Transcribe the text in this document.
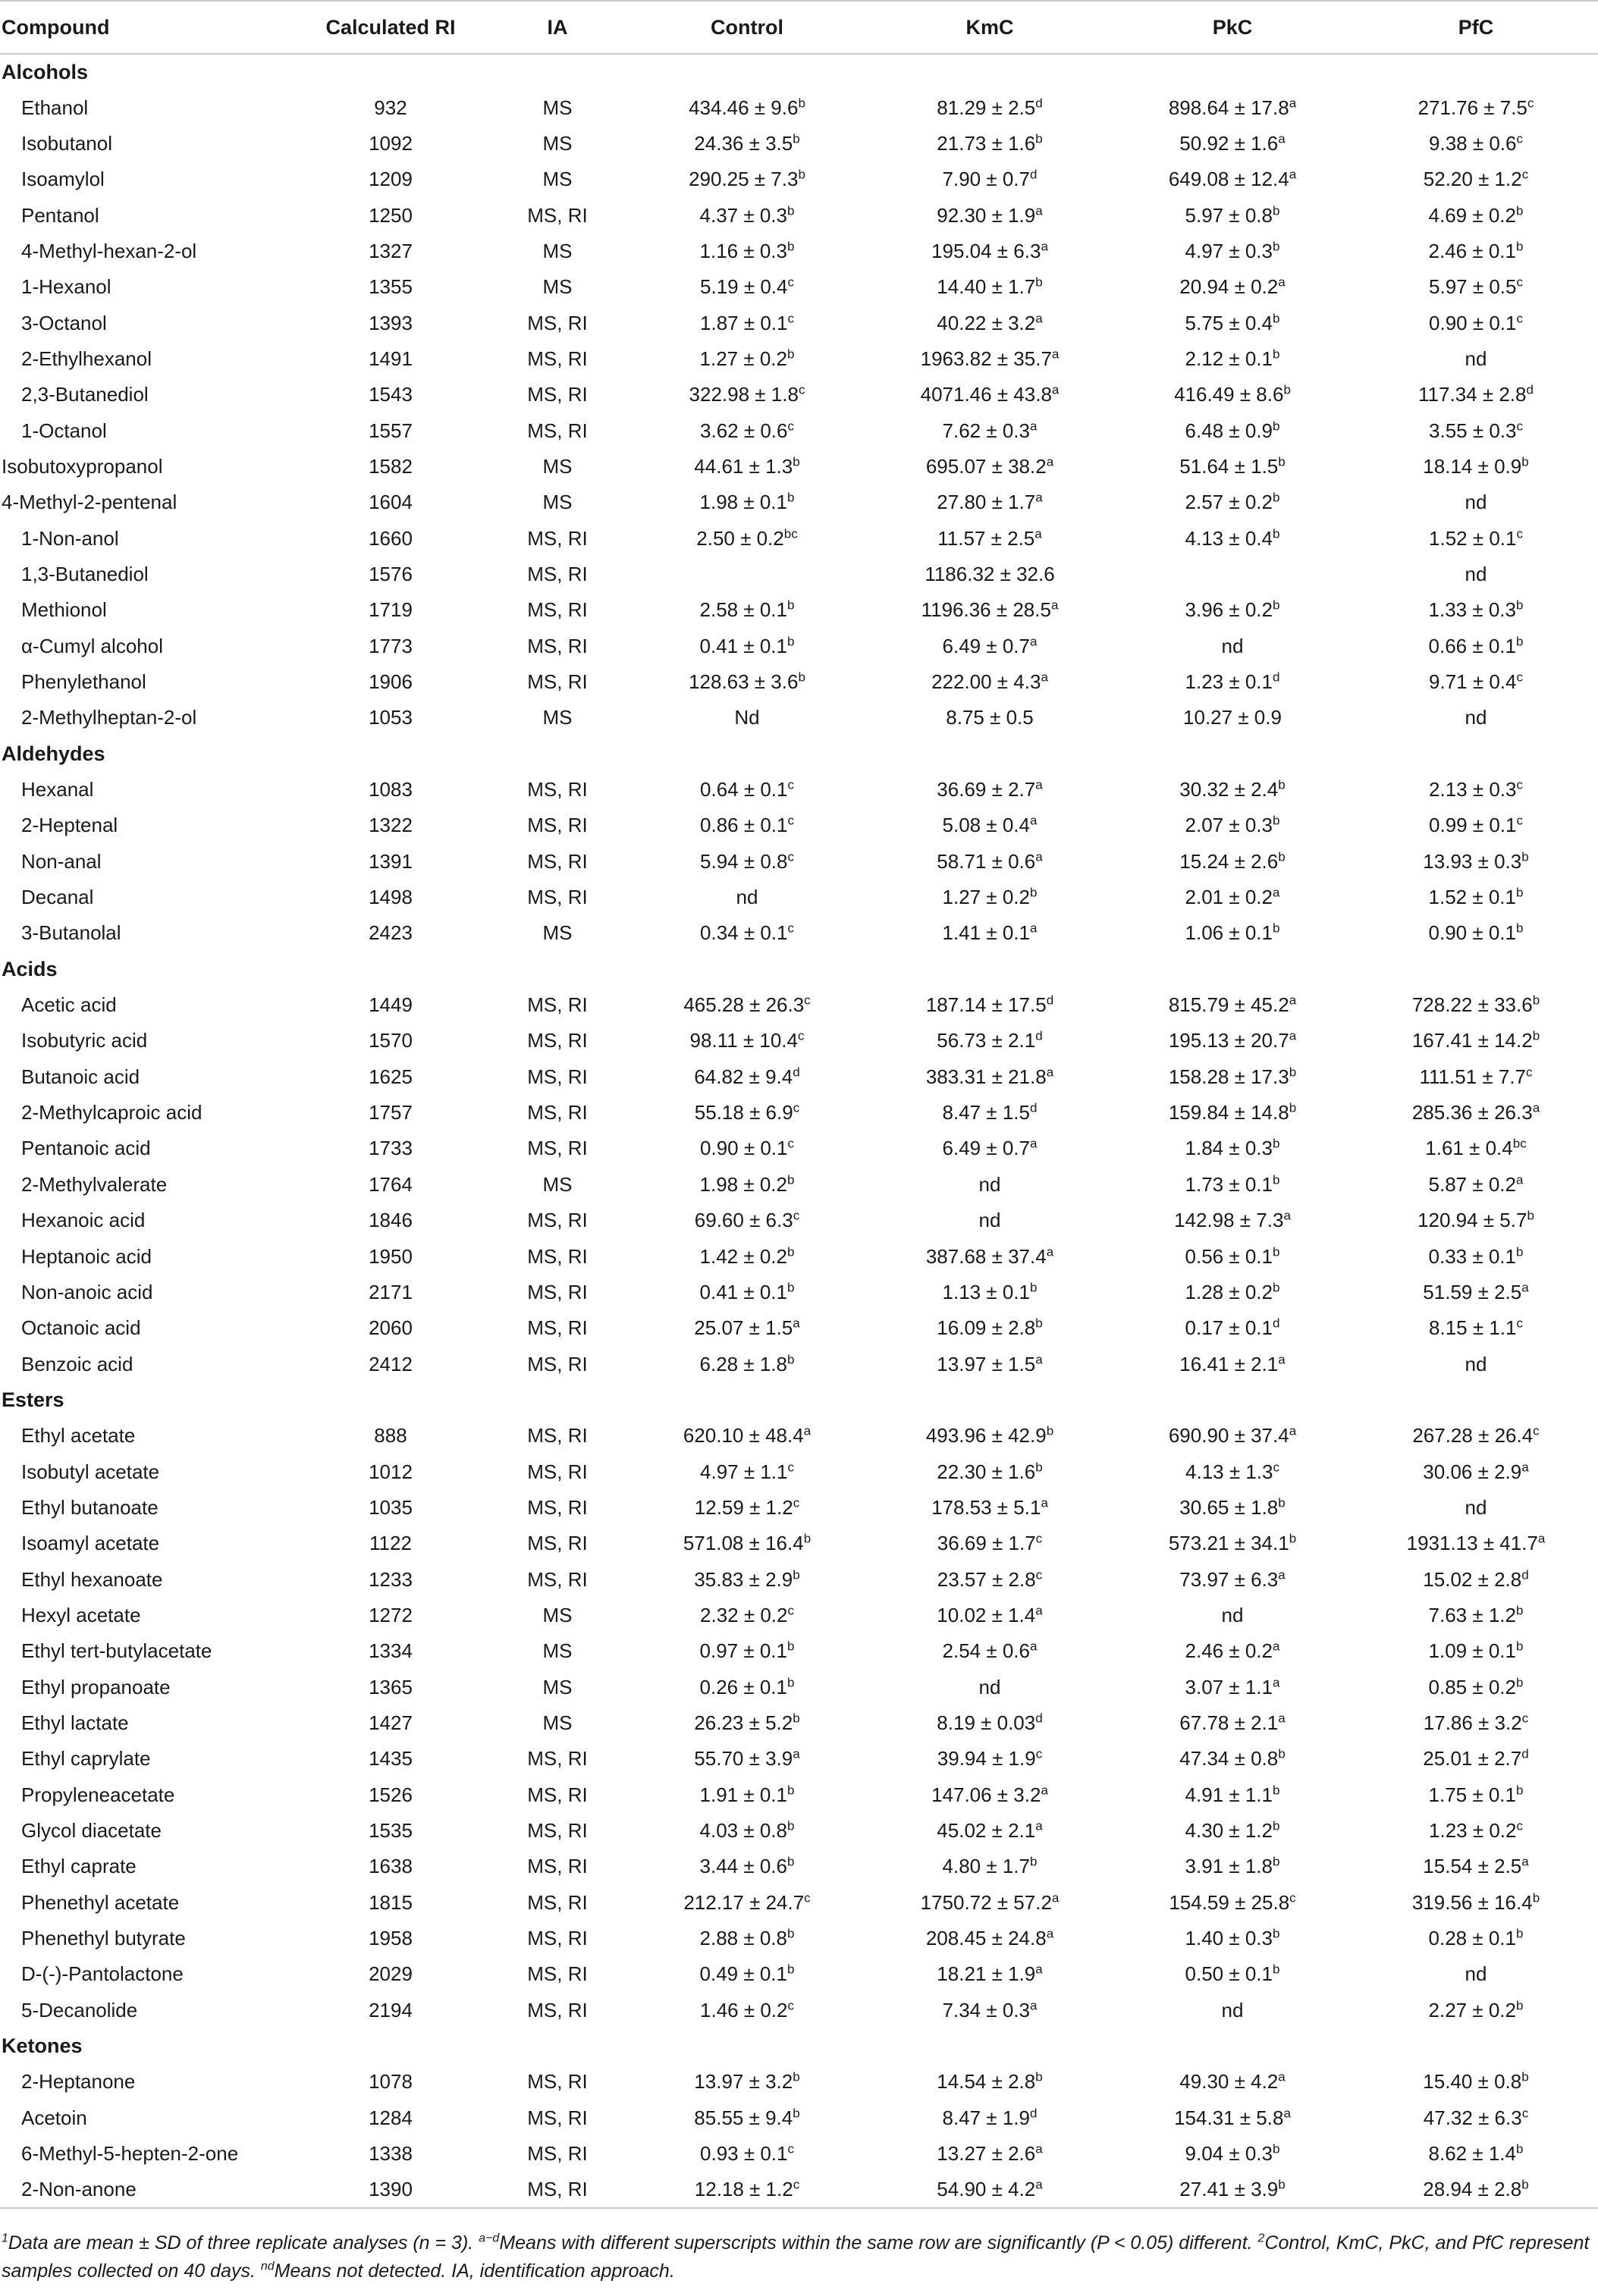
Compound	Calculated RI	IA	Control	KmC	PkC	PfC
Alcohols						
Ethanol	932	MS	434.46 ± 9.6$^b$	81.29 ± 2.5$^d$	898.64 ± 17.8$^a$	271.76 ± 7.5$^c$
Isobutanol	1092	MS	24.36 ± 3.5$^b$	21.73 ± 1.6$^b$	50.92 ± 1.6$^a$	9.38 ± 0.6$^c$
Isoamylol	1209	MS	290.25 ± 7.3$^b$	7.90 ± 0.7$^d$	649.08 ± 12.4$^a$	52.20 ± 1.2$^c$
Pentanol	1250	MS, RI	4.37 ± 0.3$^b$	92.30 ± 1.9$^a$	5.97 ± 0.8$^b$	4.69 ± 0.2$^b$
4-Methyl-hexan-2-ol	1327	MS	1.16 ± 0.3$^b$	195.04 ± 6.3$^a$	4.97 ± 0.3$^b$	2.46 ± 0.1$^b$
1-Hexanol	1355	MS	5.19 ± 0.4$^c$	14.40 ± 1.7$^b$	20.94 ± 0.2$^a$	5.97 ± 0.5$^c$
3-Octanol	1393	MS, RI	1.87 ± 0.1$^c$	40.22 ± 3.2$^a$	5.75 ± 0.4$^b$	0.90 ± 0.1$^c$
2-Ethylhexanol	1491	MS, RI	1.27 ± 0.2$^b$	1963.82 ± 35.7$^a$	2.12 ± 0.1$^b$	nd
2,3-Butanediol	1543	MS, RI	322.98 ± 1.8$^c$	4071.46 ± 43.8$^a$	416.49 ± 8.6$^b$	117.34 ± 2.8$^d$
1-Octanol	1557	MS, RI	3.62 ± 0.6$^c$	7.62 ± 0.3$^a$	6.48 ± 0.9$^b$	3.55 ± 0.3$^c$
Isobutoxypropanol	1582	MS	44.61 ± 1.3$^b$	695.07 ± 38.2$^a$	51.64 ± 1.5$^b$	18.14 ± 0.9$^b$
4-Methyl-2-pentenal	1604	MS	1.98 ± 0.1$^b$	27.80 ± 1.7$^a$	2.57 ± 0.2$^b$	nd
1-Non-anol	1660	MS, RI	2.50 ± 0.2$^{bc}$	11.57 ± 2.5$^a$	4.13 ± 0.4$^b$	1.52 ± 0.1$^c$
1,3-Butanediol	1576	MS, RI		1186.32 ± 32.6		nd
Methionol	1719	MS, RI	2.58 ± 0.1$^b$	1196.36 ± 28.5$^a$	3.96 ± 0.2$^b$	1.33 ± 0.3$^b$
α-Cumyl alcohol	1773	MS, RI	0.41 ± 0.1$^b$	6.49 ± 0.7$^a$	nd	0.66 ± 0.1$^b$
Phenylethanol	1906	MS, RI	128.63 ± 3.6$^b$	222.00 ± 4.3$^a$	1.23 ± 0.1$^d$	9.71 ± 0.4$^c$
2-Methylheptan-2-ol	1053	MS	Nd	8.75 ± 0.5	10.27 ± 0.9	nd
Aldehydes						
Hexanal	1083	MS, RI	0.64 ± 0.1$^c$	36.69 ± 2.7$^a$	30.32 ± 2.4$^b$	2.13 ± 0.3$^c$
2-Heptenal	1322	MS, RI	0.86 ± 0.1$^c$	5.08 ± 0.4$^a$	2.07 ± 0.3$^b$	0.99 ± 0.1$^c$
Non-anal	1391	MS, RI	5.94 ± 0.8$^c$	58.71 ± 0.6$^a$	15.24 ± 2.6$^b$	13.93 ± 0.3$^b$
Decanal	1498	MS, RI	nd	1.27 ± 0.2$^b$	2.01 ± 0.2$^a$	1.52 ± 0.1$^b$
3-Butanolal	2423	MS	0.34 ± 0.1$^c$	1.41 ± 0.1$^a$	1.06 ± 0.1$^b$	0.90 ± 0.1$^b$
Acids						
Acetic acid	1449	MS, RI	465.28 ± 26.3$^c$	187.14 ± 17.5$^d$	815.79 ± 45.2$^a$	728.22 ± 33.6$^b$
Isobutyric acid	1570	MS, RI	98.11 ± 10.4$^c$	56.73 ± 2.1$^d$	195.13 ± 20.7$^a$	167.41 ± 14.2$^b$
Butanoic acid	1625	MS, RI	64.82 ± 9.4$^d$	383.31 ± 21.8$^a$	158.28 ± 17.3$^b$	111.51 ± 7.7$^c$
2-Methylcaproic acid	1757	MS, RI	55.18 ± 6.9$^c$	8.47 ± 1.5$^d$	159.84 ± 14.8$^b$	285.36 ± 26.3$^a$
Pentanoic acid	1733	MS, RI	0.90 ± 0.1$^c$	6.49 ± 0.7$^a$	1.84 ± 0.3$^b$	1.61 ± 0.4$^{bc}$
2-Methylvalerate	1764	MS	1.98 ± 0.2$^b$	nd	1.73 ± 0.1$^b$	5.87 ± 0.2$^a$
Hexanoic acid	1846	MS, RI	69.60 ± 6.3$^c$	nd	142.98 ± 7.3$^a$	120.94 ± 5.7$^b$
Heptanoic acid	1950	MS, RI	1.42 ± 0.2$^b$	387.68 ± 37.4$^a$	0.56 ± 0.1$^b$	0.33 ± 0.1$^b$
Non-anoic acid	2171	MS, RI	0.41 ± 0.1$^b$	1.13 ± 0.1$^b$	1.28 ± 0.2$^b$	51.59 ± 2.5$^a$
Octanoic acid	2060	MS, RI	25.07 ± 1.5$^a$	16.09 ± 2.8$^b$	0.17 ± 0.1$^d$	8.15 ± 1.1$^c$
Benzoic acid	2412	MS, RI	6.28 ± 1.8$^b$	13.97 ± 1.5$^a$	16.41 ± 2.1$^a$	nd
Esters						
Ethyl acetate	888	MS, RI	620.10 ± 48.4$^a$	493.96 ± 42.9$^b$	690.90 ± 37.4$^a$	267.28 ± 26.4$^c$
Isobutyl acetate	1012	MS, RI	4.97 ± 1.1$^c$	22.30 ± 1.6$^b$	4.13 ± 1.3$^c$	30.06 ± 2.9$^a$
Ethyl butanoate	1035	MS, RI	12.59 ± 1.2$^c$	178.53 ± 5.1$^a$	30.65 ± 1.8$^b$	nd
Isoamyl acetate	1122	MS, RI	571.08 ± 16.4$^b$	36.69 ± 1.7$^c$	573.21 ± 34.1$^b$	1931.13 ± 41.7$^a$
Ethyl hexanoate	1233	MS, RI	35.83 ± 2.9$^b$	23.57 ± 2.8$^c$	73.97 ± 6.3$^a$	15.02 ± 2.8$^d$
Hexyl acetate	1272	MS	2.32 ± 0.2$^c$	10.02 ± 1.4$^a$	nd	7.63 ± 1.2$^b$
Ethyl tert-butylacetate	1334	MS	0.97 ± 0.1$^b$	2.54 ± 0.6$^a$	2.46 ± 0.2$^a$	1.09 ± 0.1$^b$
Ethyl propanoate	1365	MS	0.26 ± 0.1$^b$	nd	3.07 ± 1.1$^a$	0.85 ± 0.2$^b$
Ethyl lactate	1427	MS	26.23 ± 5.2$^b$	8.19 ± 0.03$^d$	67.78 ± 2.1$^a$	17.86 ± 3.2$^c$
Ethyl caprylate	1435	MS, RI	55.70 ± 3.9$^a$	39.94 ± 1.9$^c$	47.34 ± 0.8$^b$	25.01 ± 2.7$^d$
Propyleneacetate	1526	MS, RI	1.91 ± 0.1$^b$	147.06 ± 3.2$^a$	4.91 ± 1.1$^b$	1.75 ± 0.1$^b$
Glycol diacetate	1535	MS, RI	4.03 ± 0.8$^b$	45.02 ± 2.1$^a$	4.30 ± 1.2$^b$	1.23 ± 0.2$^c$
Ethyl caprate	1638	MS, RI	3.44 ± 0.6$^b$	4.80 ± 1.7$^b$	3.91 ± 1.8$^b$	15.54 ± 2.5$^a$
Phenethyl acetate	1815	MS, RI	212.17 ± 24.7$^c$	1750.72 ± 57.2$^a$	154.59 ± 25.8$^c$	319.56 ± 16.4$^b$
Phenethyl butyrate	1958	MS, RI	2.88 ± 0.8$^b$	208.45 ± 24.8$^a$	1.40 ± 0.3$^b$	0.28 ± 0.1$^b$
D-(-)-Pantolactone	2029	MS, RI	0.49 ± 0.1$^b$	18.21 ± 1.9$^a$	0.50 ± 0.1$^b$	nd
5-Decanolide	2194	MS, RI	1.46 ± 0.2$^c$	7.34 ± 0.3$^a$	nd	2.27 ± 0.2$^b$
Ketones						
2-Heptanone	1078	MS, RI	13.97 ± 3.2$^b$	14.54 ± 2.8$^b$	49.30 ± 4.2$^a$	15.40 ± 0.8$^b$
Acetoin	1284	MS, RI	85.55 ± 9.4$^b$	8.47 ± 1.9$^d$	154.31 ± 5.8$^a$	47.32 ± 6.3$^c$
6-Methyl-5-hepten-2-one	1338	MS, RI	0.93 ± 0.1$^c$	13.27 ± 2.6$^a$	9.04 ± 0.3$^b$	8.62 ± 1.4$^b$
2-Non-anone	1390	MS, RI	12.18 ± 1.2$^c$	54.90 ± 4.2$^a$	27.41 ± 3.9$^b$	28.94 ± 2.8$^b$
$^1$Data are mean ± SD of three replicate analyses (n = 3). $^{a-d}$Means with different superscripts within the same row are significantly (P < 0.05) different. $^2$Control, KmC, PkC, and PfC represent samples collected on 40 days. $^{nd}$Means not detected. IA, identification approach.
